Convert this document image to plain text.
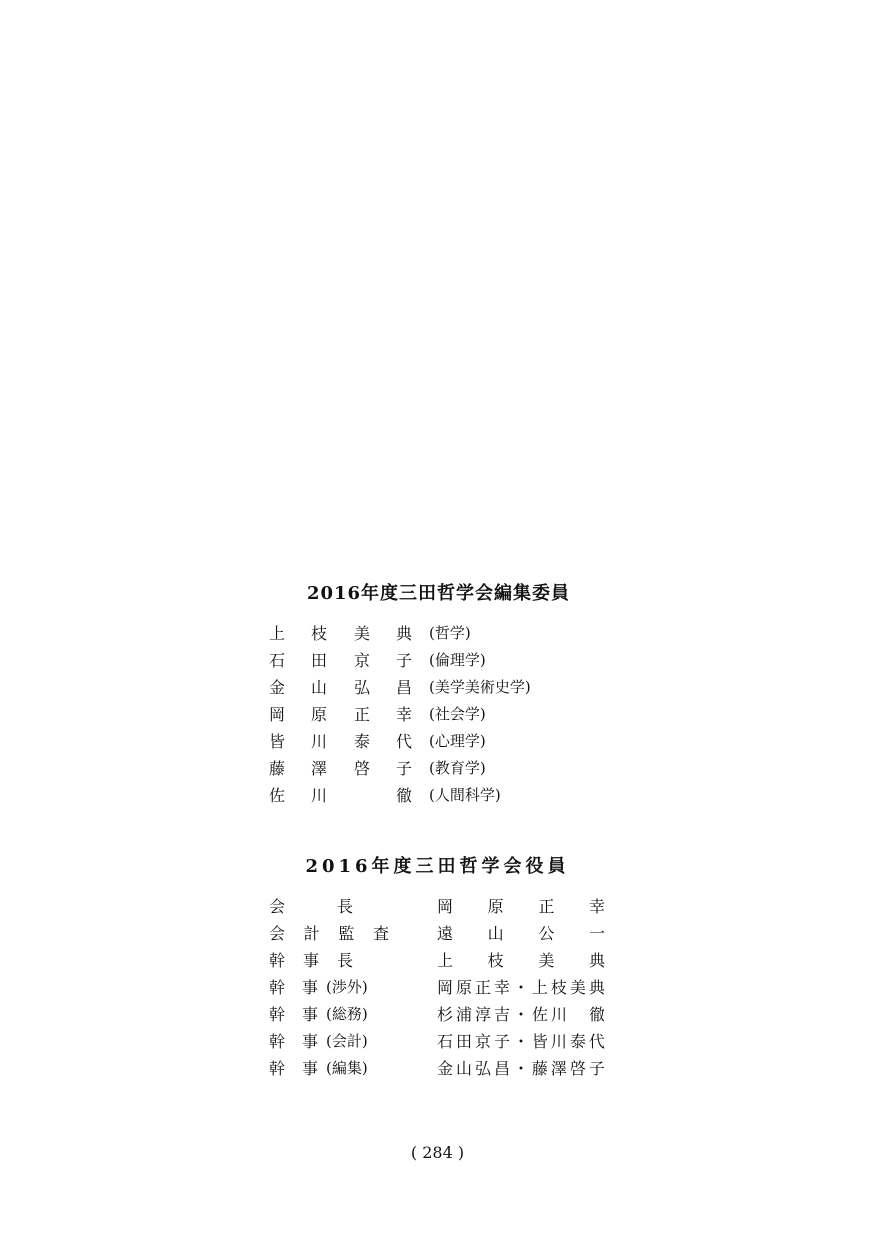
2016年度三田哲学会編集委員
上 枝 美 典 (哲学)
石 田 京 子 (倫理学)
金 山 弘 昌 (美学美術史学)
岡 原 正 幸 (社会学)
皆 川 泰 代 (心理学)
藤 澤 啓 子 (教育学)
佐 川	徹 (人間科学)
2016年度三田哲学会役員
会	長	岡 原 正 幸
会 計 監 査	遠 山 公 一
幹 事 長	上 枝 美 典
幹	事 (渉外)	岡 原 正 幸 ・ 上 枝 美 典
幹	事 (総務)	杉 浦 淳 吉 ・ 佐 川 徹
幹	事 (会計)	石 田 京 子 ・ 皆 川 泰 代
幹	事 (編集)	金 山 弘 昌 ・ 藤 澤 啓 子
( 284 )
